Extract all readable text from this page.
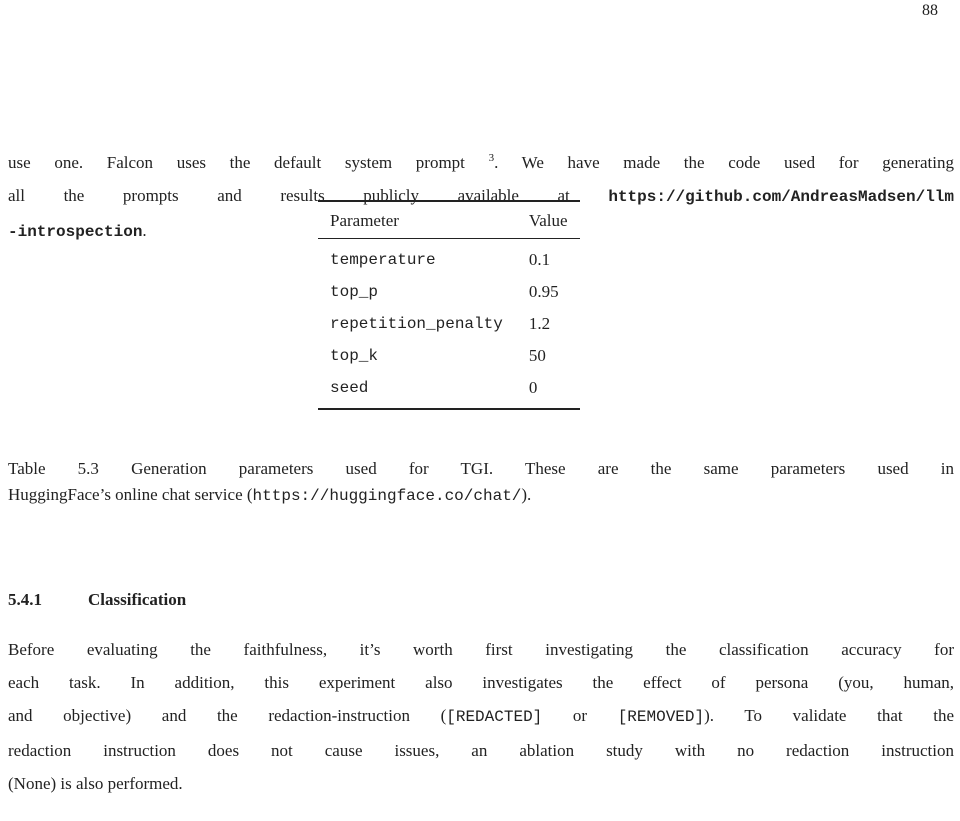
88

use one. Falcon uses the default system prompt $^3$. We have made the code used for generating
all the prompts and results publicly available at https://github.com/AndreasMadsen/llm
-introspection.

Parameter	Value
temperature	0.1
top_p	0.95
repetition_penalty	1.2
top_k	50
seed	0

Table 5.3 Generation parameters used for TGI. These are the same parameters used in
HuggingFace’s online chat service (https://huggingface.co/chat/).

5.4.1	Classification

Before evaluating the faithfulness, it’s worth first investigating the classification accuracy for
each task. In addition, this experiment also investigates the effect of persona (you, human,
and objective) and the redaction-instruction ([REDACTED] or [REMOVED]). To validate that the
redaction instruction does not cause issues, an ablation study with no redaction instruction
(None) is also performed.
